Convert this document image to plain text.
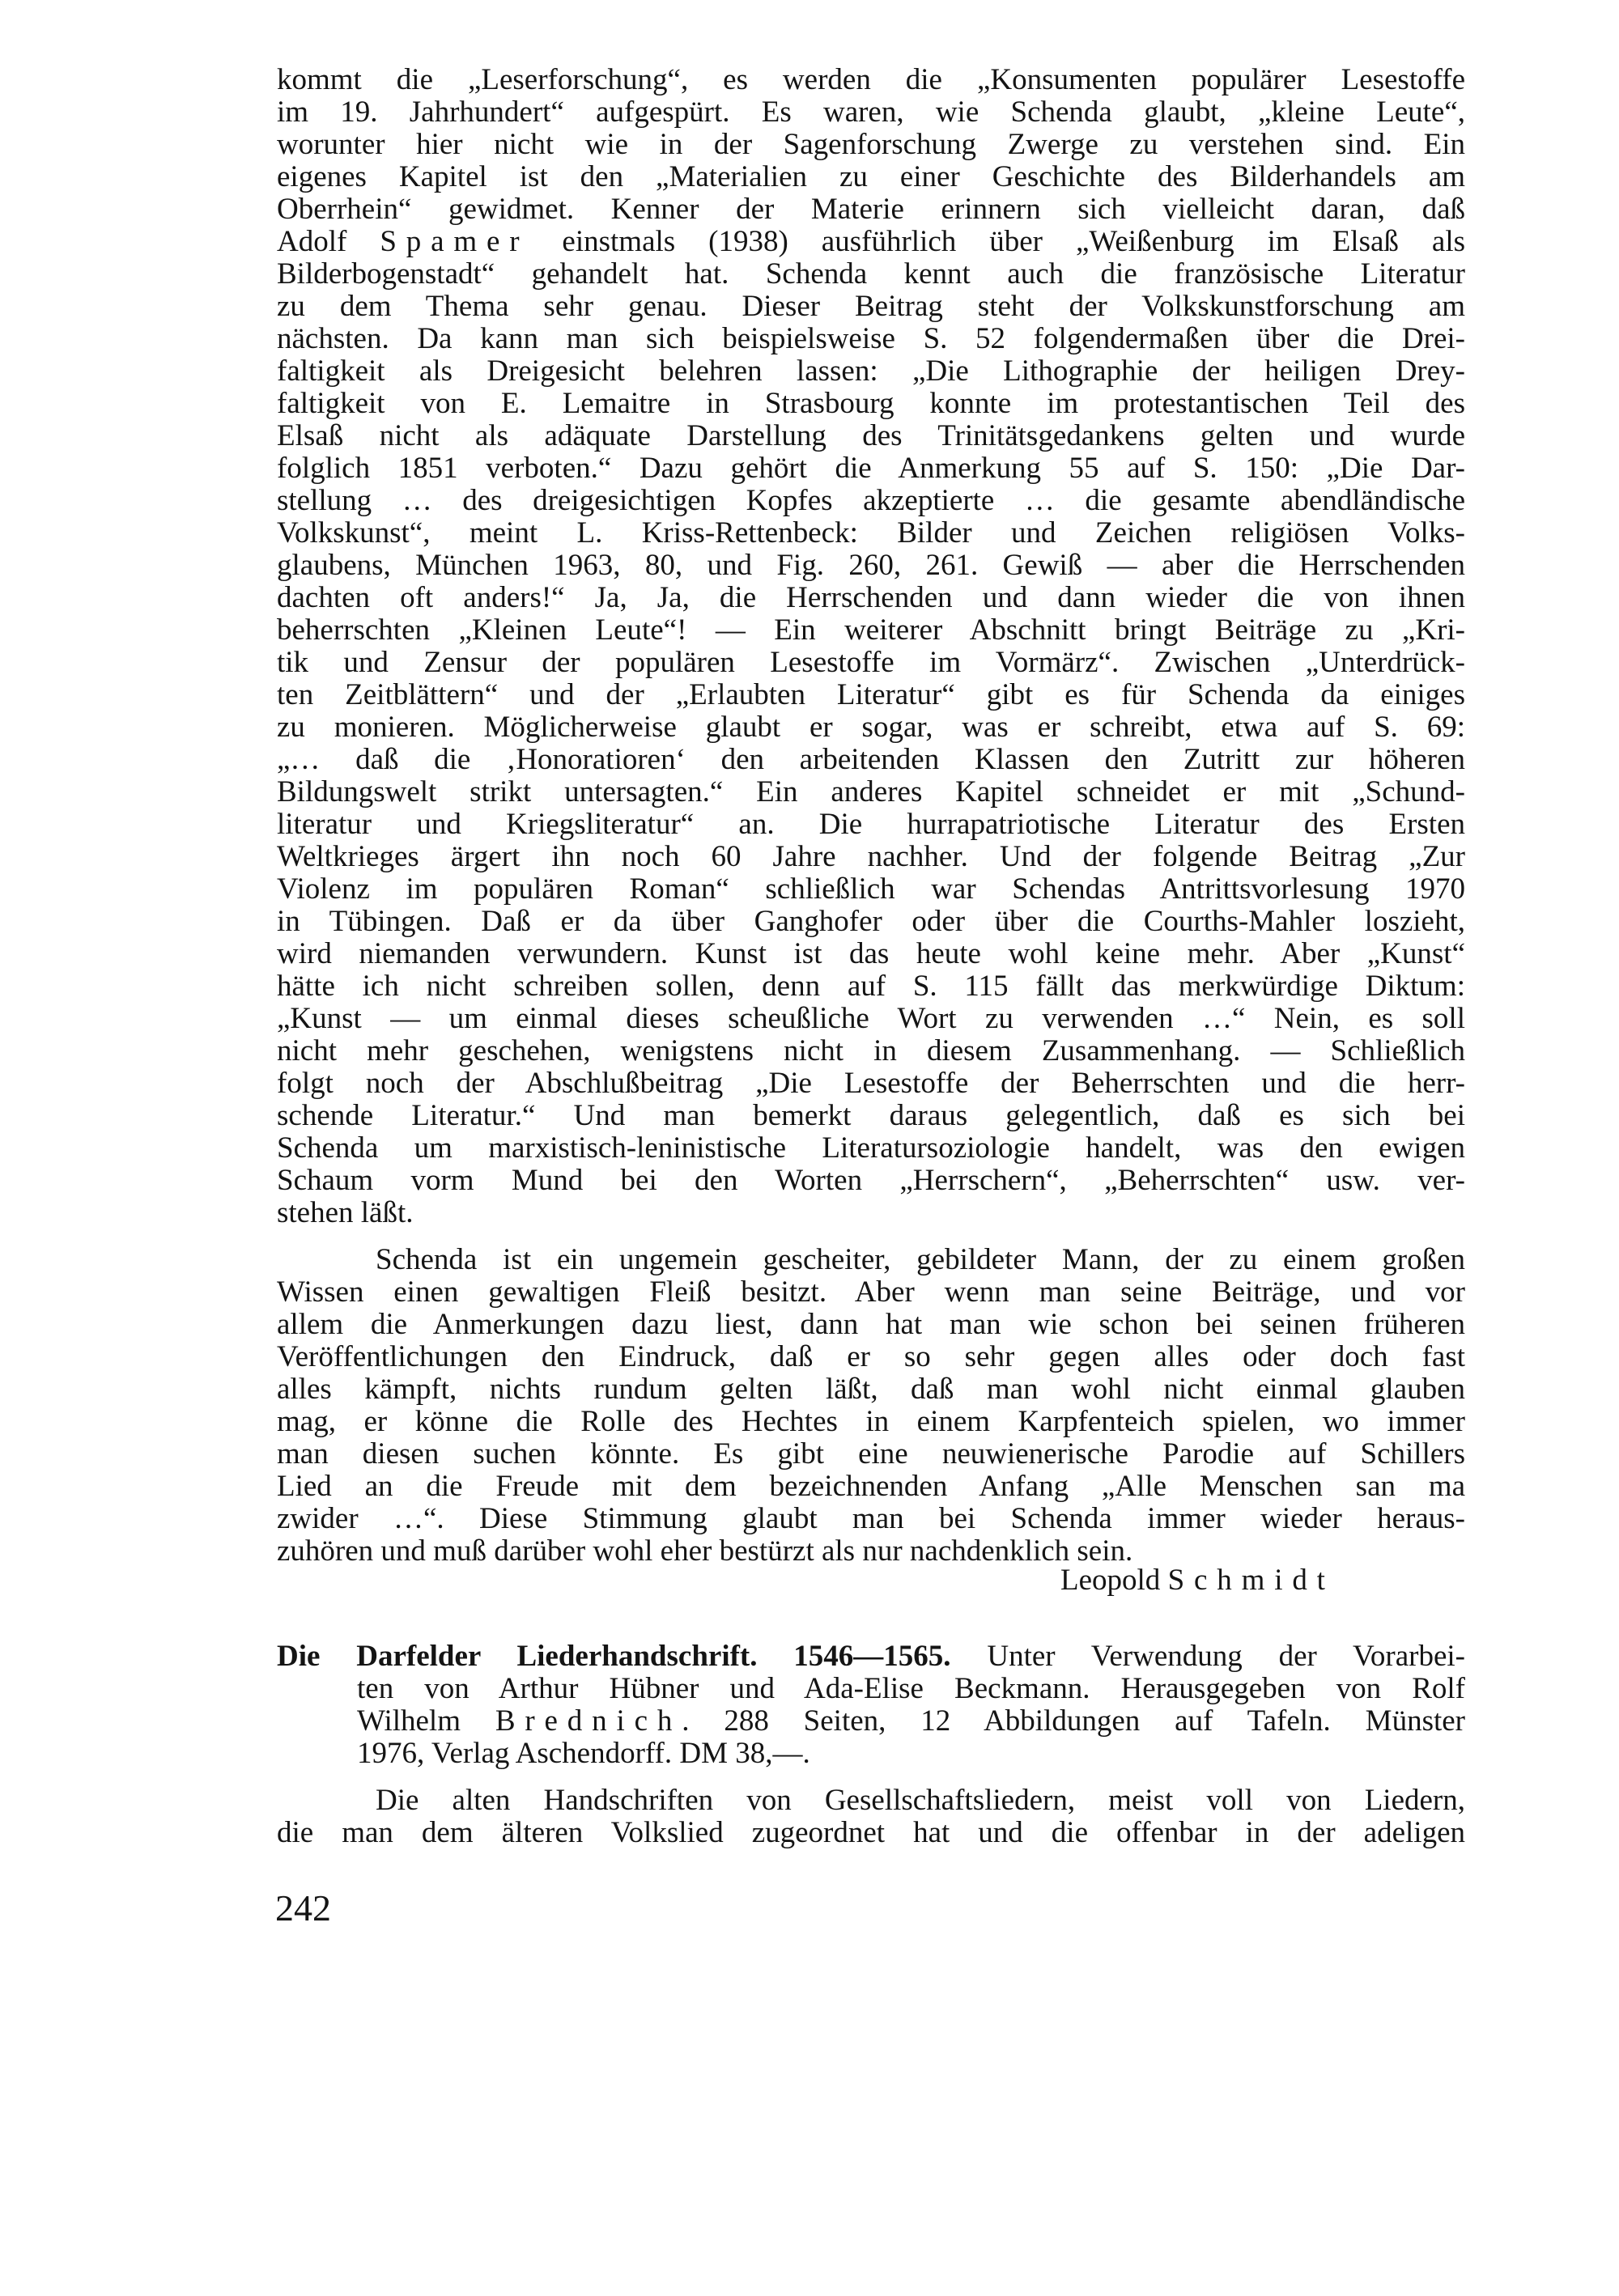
kommt die „Leserforschung“, es werden die „Konsumenten populärer Lesestoffe
im 19. Jahrhundert“ aufgespürt. Es waren, wie Schenda glaubt, „kleine Leute“,
worunter hier nicht wie in der Sagenforschung Zwerge zu verstehen sind. Ein
eigenes Kapitel ist den „Materialien zu einer Geschichte des Bilderhandels am
Oberrhein“ gewidmet. Kenner der Materie erinnern sich vielleicht daran, daß
Adolf Spamer einstmals (1938) ausführlich über „Weißenburg im Elsaß als
Bilderbogenstadt“ gehandelt hat. Schenda kennt auch die französische Literatur
zu dem Thema sehr genau. Dieser Beitrag steht der Volkskunstforschung am
nächsten. Da kann man sich beispielsweise S. 52 folgendermaßen über die Drei-
faltigkeit als Dreigesicht belehren lassen: „Die Lithographie der heiligen Drey-
faltigkeit von E. Lemaitre in Strasbourg konnte im protestantischen Teil des
Elsaß nicht als adäquate Darstellung des Trinitätsgedankens gelten und wurde
folglich 1851 verboten.“ Dazu gehört die Anmerkung 55 auf S. 150: „Die Dar-
stellung … des dreigesichtigen Kopfes akzeptierte … die gesamte abendländische
Volkskunst“, meint L. Kriss-Rettenbeck: Bilder und Zeichen religiösen Volks-
glaubens, München 1963, 80, und Fig. 260, 261. Gewiß — aber die Herrschenden
dachten oft anders!“ Ja, Ja, die Herrschenden und dann wieder die von ihnen
beherrschten „Kleinen Leute“! — Ein weiterer Abschnitt bringt Beiträge zu „Kri-
tik und Zensur der populären Lesestoffe im Vormärz“. Zwischen „Unterdrück-
ten Zeitblättern“ und der „Erlaubten Literatur“ gibt es für Schenda da einiges
zu monieren. Möglicherweise glaubt er sogar, was er schreibt, etwa auf S. 69:
„… daß die ‚Honoratioren‘ den arbeitenden Klassen den Zutritt zur höheren
Bildungswelt strikt untersagten.“ Ein anderes Kapitel schneidet er mit „Schund-
literatur und Kriegsliteratur“ an. Die hurrapatriotische Literatur des Ersten
Weltkrieges ärgert ihn noch 60 Jahre nachher. Und der folgende Beitrag „Zur
Violenz im populären Roman“ schließlich war Schendas Antrittsvorlesung 1970
in Tübingen. Daß er da über Ganghofer oder über die Courths-Mahler loszieht,
wird niemanden verwundern. Kunst ist das heute wohl keine mehr. Aber „Kunst“
hätte ich nicht schreiben sollen, denn auf S. 115 fällt das merkwürdige Diktum:
„Kunst — um einmal dieses scheußliche Wort zu verwenden …“ Nein, es soll
nicht mehr geschehen, wenigstens nicht in diesem Zusammenhang. — Schließlich
folgt noch der Abschlußbeitrag „Die Lesestoffe der Beherrschten und die herr-
schende Literatur.“ Und man bemerkt daraus gelegentlich, daß es sich bei
Schenda um marxistisch-leninistische Literatursoziologie handelt, was den ewigen
Schaum vorm Mund bei den Worten „Herrschern“, „Beherrschten“ usw. ver-
stehen läßt.
Schenda ist ein ungemein gescheiter, gebildeter Mann, der zu einem großen
Wissen einen gewaltigen Fleiß besitzt. Aber wenn man seine Beiträge, und vor
allem die Anmerkungen dazu liest, dann hat man wie schon bei seinen früheren
Veröffentlichungen den Eindruck, daß er so sehr gegen alles oder doch fast
alles kämpft, nichts rundum gelten läßt, daß man wohl nicht einmal glauben
mag, er könne die Rolle des Hechtes in einem Karpfenteich spielen, wo immer
man diesen suchen könnte. Es gibt eine neuwienerische Parodie auf Schillers
Lied an die Freude mit dem bezeichnenden Anfang „Alle Menschen san ma
zwider …“. Diese Stimmung glaubt man bei Schenda immer wieder heraus-
zuhören und muß darüber wohl eher bestürzt als nur nachdenklich sein.
Leopold Schmidt
Die Darfelder Liederhandschrift. 1546—1565. Unter Verwendung der Vorarbei-
ten von Arthur Hübner und Ada-Elise Beckmann. Herausgegeben von Rolf
Wilhelm Brednich. 288 Seiten, 12 Abbildungen auf Tafeln. Münster
1976, Verlag Aschendorff. DM 38,—.
Die alten Handschriften von Gesellschaftsliedern, meist voll von Liedern,
die man dem älteren Volkslied zugeordnet hat und die offenbar in der adeligen
242
